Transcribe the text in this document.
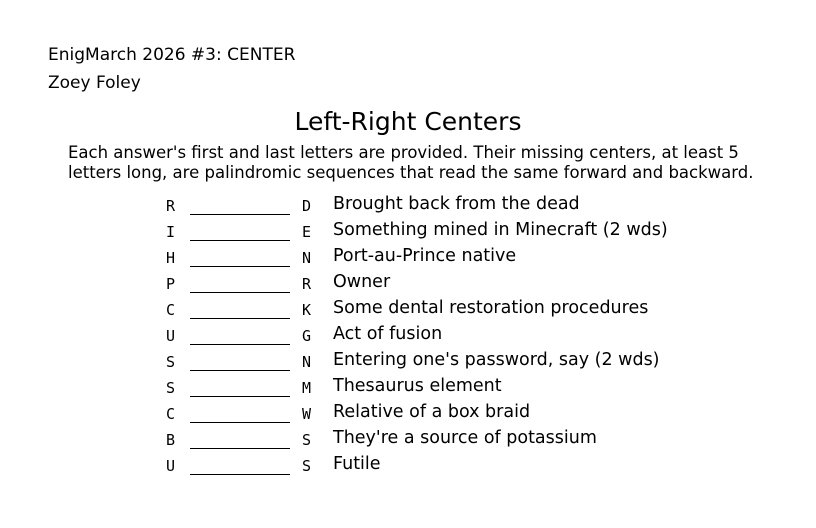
EnigMarch 2026 #3: CENTER
Zoey Foley
Left-Right Centers
Each answer's first and last letters are provided. Their missing centers, at least 5 letters long, are palindromic sequences that read the same forward and backward.
R	D Brought back from the dead
I	E Something mined in Minecraft (2 wds)
H	N Port-au-Prince native
P	R Owner
C	K Some dental restoration procedures
U	G Act of fusion
S	N Entering one's password, say (2 wds)
S	M Thesaurus element
C	W Relative of a box braid
B	S They're a source of potassium
U	S Futile
